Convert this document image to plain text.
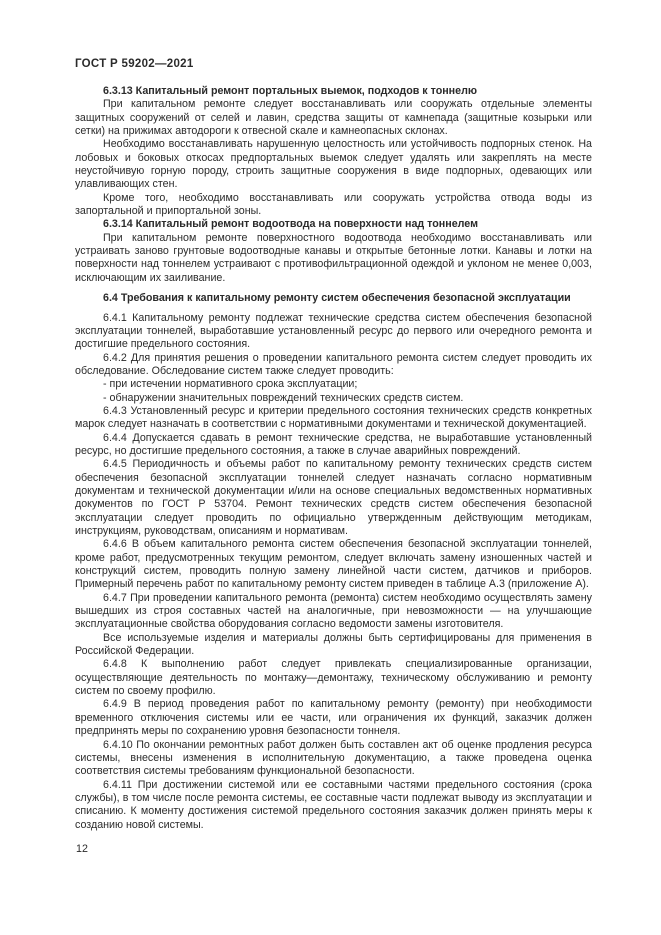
ГОСТ Р 59202—2021

6.3.13 Капитальный ремонт портальных выемок, подходов к тоннелю

При капитальном ремонте следует восстанавливать или сооружать отдельные элементы защитных сооружений от селей и лавин, средства защиты от камнепада (защитные козырьки или сетки) на прижимах автодороги к отвесной скале и камнеопасных склонах.

Необходимо восстанавливать нарушенную целостность или устойчивость подпорных стенок. На лобовых и боковых откосах предпортальных выемок следует удалять или закреплять на месте неустойчивую горную породу, строить защитные сооружения в виде подпорных, одевающих или улавливающих стен.

Кроме того, необходимо восстанавливать или сооружать устройства отвода воды из запортальной и припортальной зоны.

6.3.14 Капитальный ремонт водоотвода на поверхности над тоннелем

При капитальном ремонте поверхностного водоотвода необходимо восстанавливать или устраивать заново грунтовые водоотводные канавы и открытые бетонные лотки. Канавы и лотки на поверхности над тоннелем устраивают с противофильтрационной одеждой и уклоном не менее 0,003, исключающим их заиливание.

6.4 Требования к капитальному ремонту систем обеспечения безопасной эксплуатации

6.4.1 Капитальному ремонту подлежат технические средства систем обеспечения безопасной эксплуатации тоннелей, выработавшие установленный ресурс до первого или очередного ремонта и достигшие предельного состояния.

6.4.2 Для принятия решения о проведении капитального ремонта систем следует проводить их обследование. Обследование систем также следует проводить:

- при истечении нормативного срока эксплуатации;

- обнаружении значительных повреждений технических средств систем.

6.4.3 Установленный ресурс и критерии предельного состояния технических средств конкретных марок следует назначать в соответствии с нормативными документами и технической документацией.

6.4.4 Допускается сдавать в ремонт технические средства, не выработавшие установленный ресурс, но достигшие предельного состояния, а также в случае аварийных повреждений.

6.4.5 Периодичность и объемы работ по капитальному ремонту технических средств систем обеспечения безопасной эксплуатации тоннелей следует назначать согласно нормативным документам и технической документации и/или на основе специальных ведомственных нормативных документов по ГОСТ Р 53704. Ремонт технических средств систем обеспечения безопасной эксплуатации следует проводить по официально утвержденным действующим методикам, инструкциям, руководствам, описаниям и нормативам.

6.4.6 В объем капитального ремонта систем обеспечения безопасной эксплуатации тоннелей, кроме работ, предусмотренных текущим ремонтом, следует включать замену изношенных частей и конструкций систем, проводить полную замену линейной части систем, датчиков и приборов. Примерный перечень работ по капитальному ремонту систем приведен в таблице А.3 (приложение А).

6.4.7 При проведении капитального ремонта (ремонта) систем необходимо осуществлять замену вышедших из строя составных частей на аналогичные, при невозможности — на улучшающие эксплуатационные свойства оборудования согласно ведомости замены изготовителя.

Все используемые изделия и материалы должны быть сертифицированы для применения в Российской Федерации.

6.4.8 К выполнению работ следует привлекать специализированные организации, осуществляющие деятельность по монтажу—демонтажу, техническому обслуживанию и ремонту систем по своему профилю.

6.4.9 В период проведения работ по капитальному ремонту (ремонту) при необходимости временного отключения системы или ее части, или ограничения их функций, заказчик должен предпринять меры по сохранению уровня безопасности тоннеля.

6.4.10 По окончании ремонтных работ должен быть составлен акт об оценке продления ресурса системы, внесены изменения в исполнительную документацию, а также проведена оценка соответствия системы требованиям функциональной безопасности.

6.4.11 При достижении системой или ее составными частями предельного состояния (срока службы), в том числе после ремонта системы, ее составные части подлежат выводу из эксплуатации и списанию. К моменту достижения системой предельного состояния заказчик должен принять меры к созданию новой системы.

12
